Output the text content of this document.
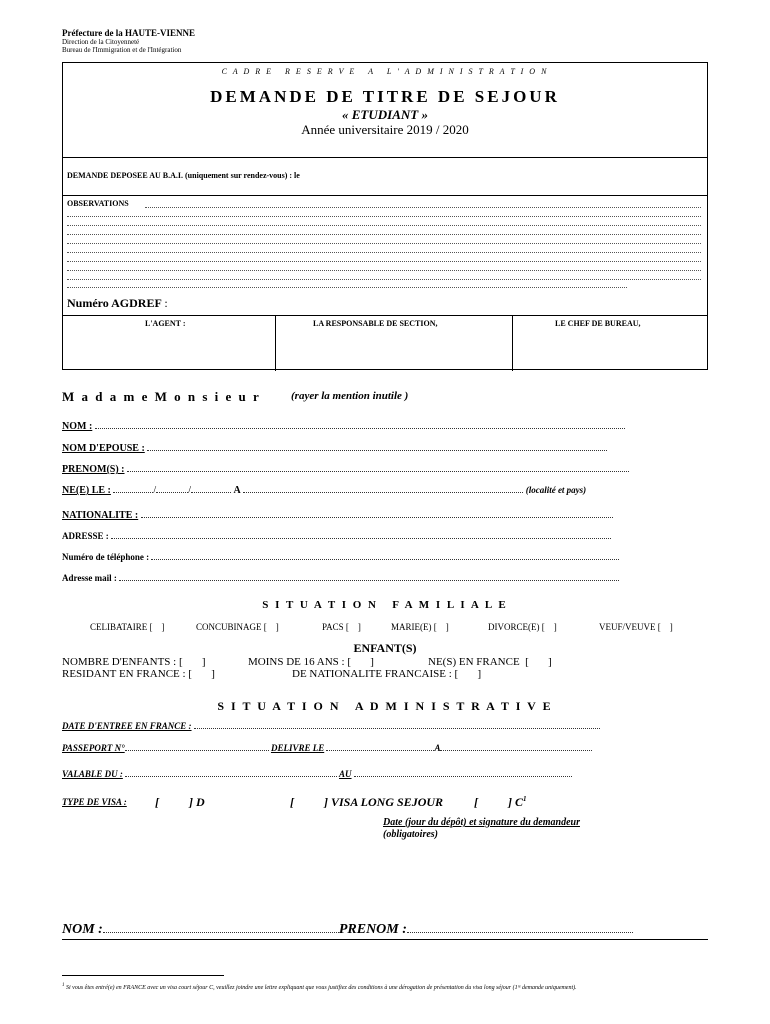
Préfecture de la HAUTE-VIENNE
Direction de la Citoyenneté
Bureau de l'Immigration et de l'Intégration
C A D R E   R E S E R V E   A   L ' A D M I N I S T R A T I O N
DEMANDE DE TITRE DE SEJOUR
« ETUDIANT »
Année universitaire 2019 / 2020
DEMANDE DEPOSEE AU B.A.I. (uniquement sur rendez-vous) : le
OBSERVATIONS
Numéro AGDREF :
L'AGENT :	LA RESPONSABLE DE SECTION,	LE CHEF DE BUREAU,
M a d a m e M o n s i e u r	(rayer la mention inutile )
NOM :
NOM D'EPOUSE :
PRENOM(S) :
NE(E) LE :	/	/	A	(localité et pays)
NATIONALITE :
ADRESSE :
Numéro de téléphone :
Adresse mail :
S I T U A T I O N   F A M I L I A L E
CELIBATAIRE [    ]	CONCUBINAGE [    ]	PACS [    ]	MARIE(E) [    ]	DIVORCE(E) [    ]	VEUF/VEUVE [    ]
ENFANT(S)
NOMBRE D'ENFANTS : [       ]	MOINS DE 16 ANS : [       ]	NE(S) EN FRANCE  [       ]
RESIDANT EN FRANCE : [       ]	DE NATIONALITE FRANCAISE : [       ]
S I T U A T I O N   A D M I N I S T R A T I V E
DATE D'ENTREE EN FRANCE :
PASSEPORT N°	DELIVRE LE	A
VALABLE DU :	AU
TYPE DE VISA : [          ] D	[          ] VISA LONG SEJOUR	[          ] $C^1$
Date (jour du dépôt) et signature du demandeur
(obligatoires)
NOM :	PRENOM :
$^1$ Si vous êtes entré(e) en FRANCE avec un visa court séjour C, veuillez joindre une lettre expliquant que vous justifiez des conditions à une dérogation de présentation du visa long séjour (1ʳᵉ demande uniquement).
